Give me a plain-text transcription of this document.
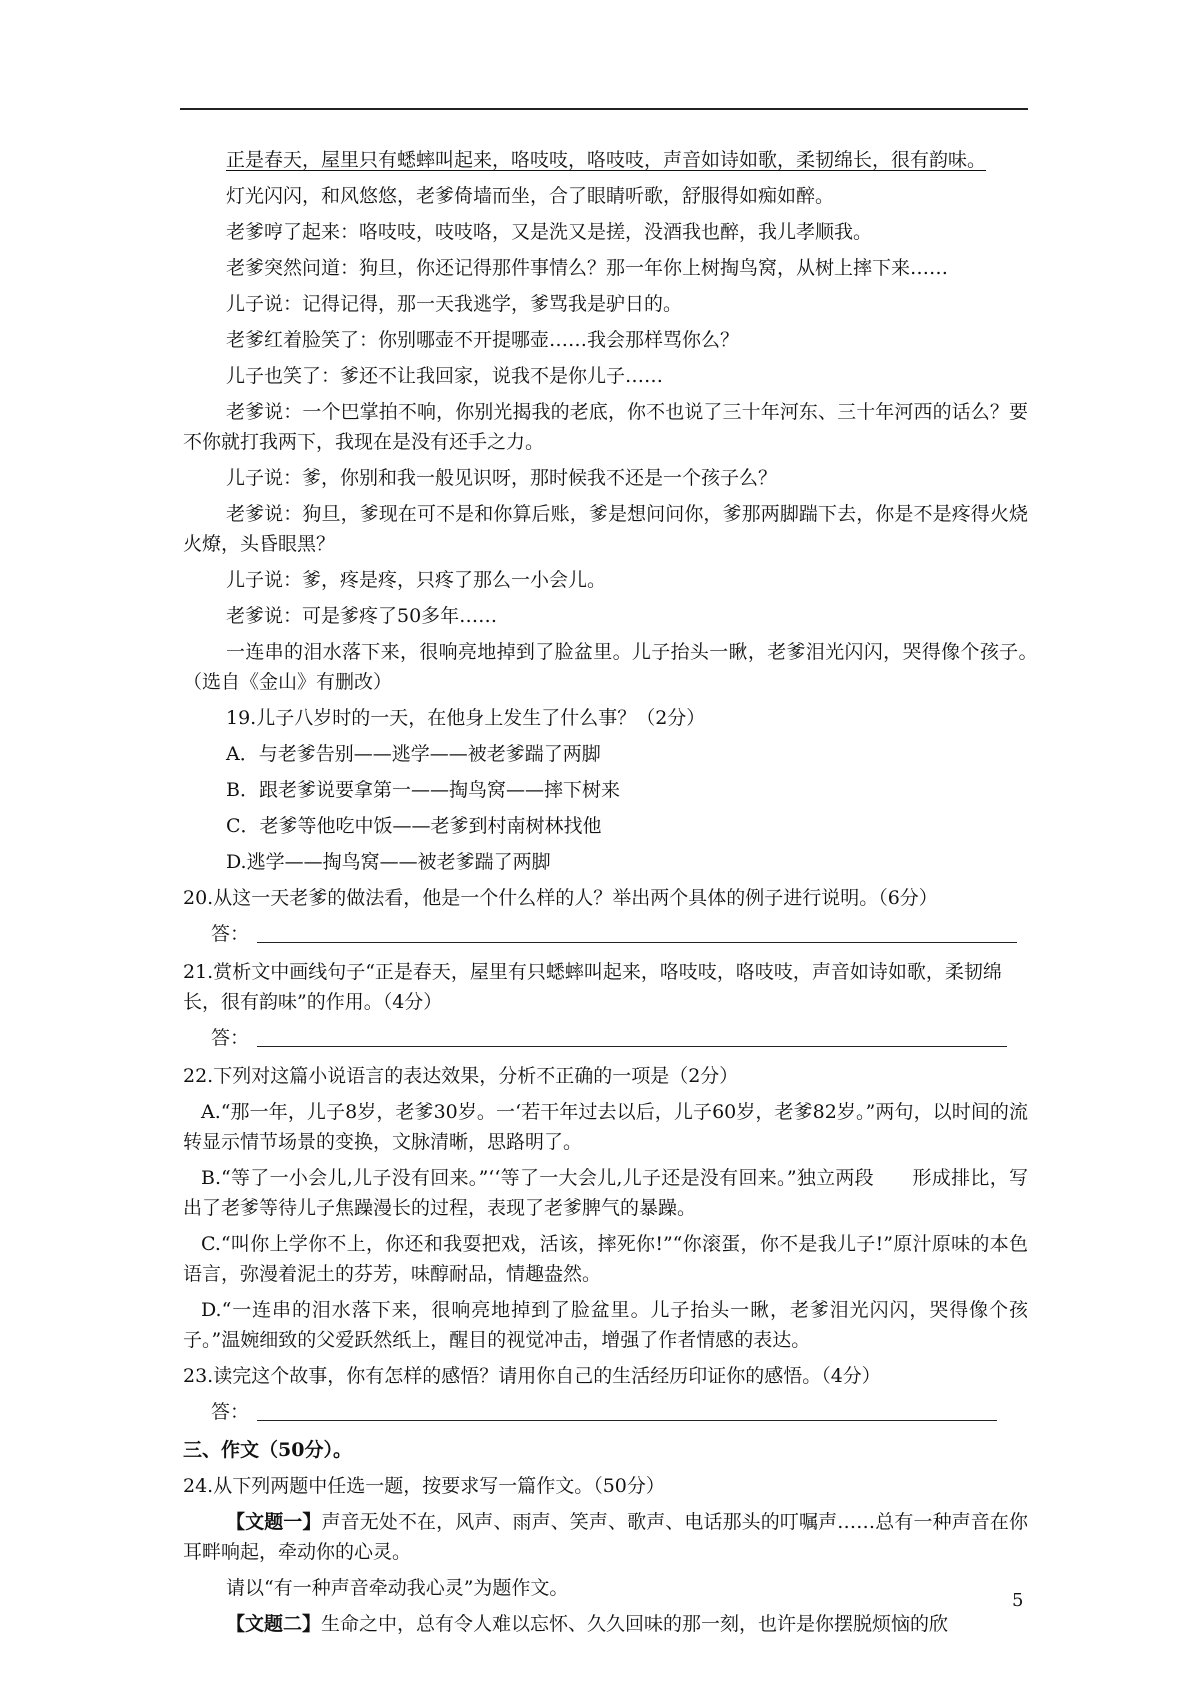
正是春天，屋里只有蟋蟀叫起来，咯吱吱，咯吱吱，声音如诗如歌，柔韧绵长，很有韵味。

灯光闪闪，和风悠悠，老爹倚墙而坐，合了眼睛听歌，舒服得如痴如醉。

老爹哼了起来：咯吱吱，吱吱咯，又是洗又是搓，没酒我也醉，我儿孝顺我。

老爹突然问道：狗旦，你还记得那件事情么？那一年你上树掏鸟窝，从树上摔下来……

儿子说：记得记得，那一天我逃学，爹骂我是驴日的。

老爹红着脸笑了：你别哪壶不开提哪壶……我会那样骂你么？

儿子也笑了：爹还不让我回家，说我不是你儿子……

老爹说：一个巴掌拍不响，你别光揭我的老底，你不也说了三十年河东、三十年河西的话么？要不你就打我两下，我现在是没有还手之力。

儿子说：爹，你别和我一般见识呀，那时候我不还是一个孩子么？

老爹说：狗旦，爹现在可不是和你算后账，爹是想问问你，爹那两脚踹下去，你是不是疼得火烧火燎，头昏眼黑？

儿子说：爹，疼是疼，只疼了那么一小会儿。

老爹说：可是爹疼了50多年……

一连串的泪水落下来，很响亮地掉到了脸盆里。儿子抬头一瞅，老爹泪光闪闪，哭得像个孩子。　　　（选自《金山》有删改）

19.儿子八岁时的一天，在他身上发生了什么事？（2分）

A．与老爹告别——逃学——被老爹踹了两脚

B．跟老爹说要拿第一——掏鸟窝——摔下树来

C．老爹等他吃中饭——老爹到村南树林找他

D.逃学——掏鸟窝——被老爹踹了两脚

20.从这一天老爹的做法看，他是一个什么样的人？举出两个具体的例子进行说明。（6分）

答：

21.赏析文中画线句子“正是春天，屋里有只蟋蟀叫起来，咯吱吱，咯吱吱，声音如诗如歌，柔韧绵长，很有韵味”的作用。（4分）

答：

22.下列对这篇小说语言的表达效果，分析不正确的一项是（2分）

A.“那一年，儿子8岁，老爹30岁。一‘若干年过去以后，儿子60岁，老爹82岁。”两句，以时间的流转显示情节场景的变换，文脉清晰，思路明了。

B.“等了一小会儿,儿子没有回来。”‘‘等了一大会儿,儿子还是没有回来。”独立两段　　形成排比，写出了老爹等待儿子焦躁漫长的过程，表现了老爹脾气的暴躁。

C.“叫你上学你不上，你还和我耍把戏，活该，摔死你!”“你滚蛋，你不是我儿子!”原汁原味的本色语言，弥漫着泥土的芬芳，味醇耐品，情趣盎然。

D.“一连串的泪水落下来，很响亮地掉到了脸盆里。儿子抬头一瞅，老爹泪光闪闪，哭得像个孩子。”温婉细致的父爱跃然纸上，醒目的视觉冲击，增强了作者情感的表达。

23.读完这个故事，你有怎样的感悟？请用你自己的生活经历印证你的感悟。（4分）

答：

三、作文（50分）。

24.从下列两题中任选一题，按要求写一篇作文。（50分）

【文题一】声音无处不在，风声、雨声、笑声、歌声、电话那头的叮嘱声……总有一种声音在你耳畔响起，牵动你的心灵。

请以“有一种声音牵动我心灵”为题作文。

【文题二】生命之中，总有令人难以忘怀、久久回味的那一刻，也许是你摆脱烦恼的欣

5
